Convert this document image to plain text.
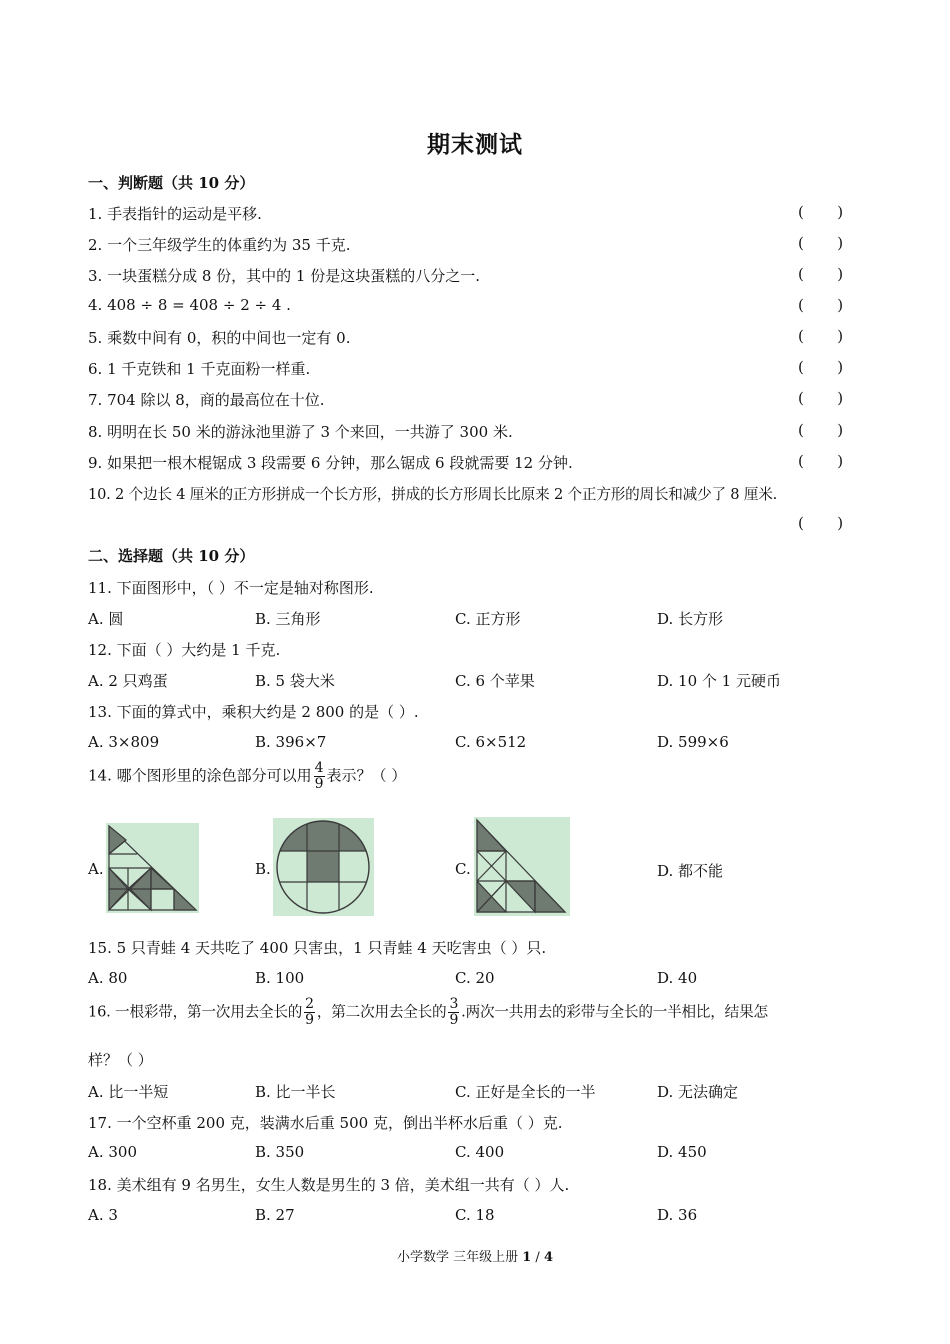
期末测试
一、判断题（共 10 分）
1. 手表指针的运动是平移.	(       )
2. 一个三年级学生的体重约为 35 千克.	(       )
3. 一块蛋糕分成 8 份，其中的 1 份是这块蛋糕的八分之一.	(       )
4. 408 ÷ 8 = 408 ÷ 2 ÷ 4 .	(       )
5. 乘数中间有 0，积的中间也一定有 0.	(       )
6. 1 千克铁和 1 千克面粉一样重.	(       )
7. 704 除以 8，商的最高位在十位.	(       )
8. 明明在长 50 米的游泳池里游了 3 个来回，一共游了 300 米.	(       )
9. 如果把一根木棍锯成 3 段需要 6 分钟，那么锯成 6 段就需要 12 分钟.	(       )
10. 2 个边长 4 厘米的正方形拼成一个长方形，拼成的长方形周长比原来 2 个正方形的周长和减少了 8 厘米.
(       )
二、选择题（共 10 分）
11. 下面图形中，（ ）不一定是轴对称图形.
A. 圆	B. 三角形	C. 正方形	D. 长方形
12. 下面（ ）大约是 1 千克.
A. 2 只鸡蛋	B. 5 袋大米	C. 6 个苹果	D. 10 个 1 元硬币
13. 下面的算式中，乘积大约是 2 800 的是（ ）.
A. 3×809	B. 396×7	C. 6×512	D. 599×6
14. 哪个图形里的涂色部分可以用 $\frac{4}{9}$ 表示？（ ）
A.	B.	C.	D. 都不能
15. 5 只青蛙 4 天共吃了 400 只害虫，1 只青蛙 4 天吃害虫（ ）只.
A. 80	B. 100	C. 20	D. 40
16. 一根彩带，第一次用去全长的 $\frac{2}{9}$ ，第二次用去全长的 $\frac{3}{9}$ .两次一共用去的彩带与全长的一半相比，结果怎
样？（ ）
A. 比一半短	B. 比一半长	C. 正好是全长的一半	D. 无法确定
17. 一个空杯重 200 克，装满水后重 500 克，倒出半杯水后重（ ）克.
A. 300	B. 350	C. 400	D. 450
18. 美术组有 9 名男生，女生人数是男生的 3 倍，美术组一共有（ ）人.
A. 3	B. 27	C. 18	D. 36
小学数学 三年级上册 1 / 4
